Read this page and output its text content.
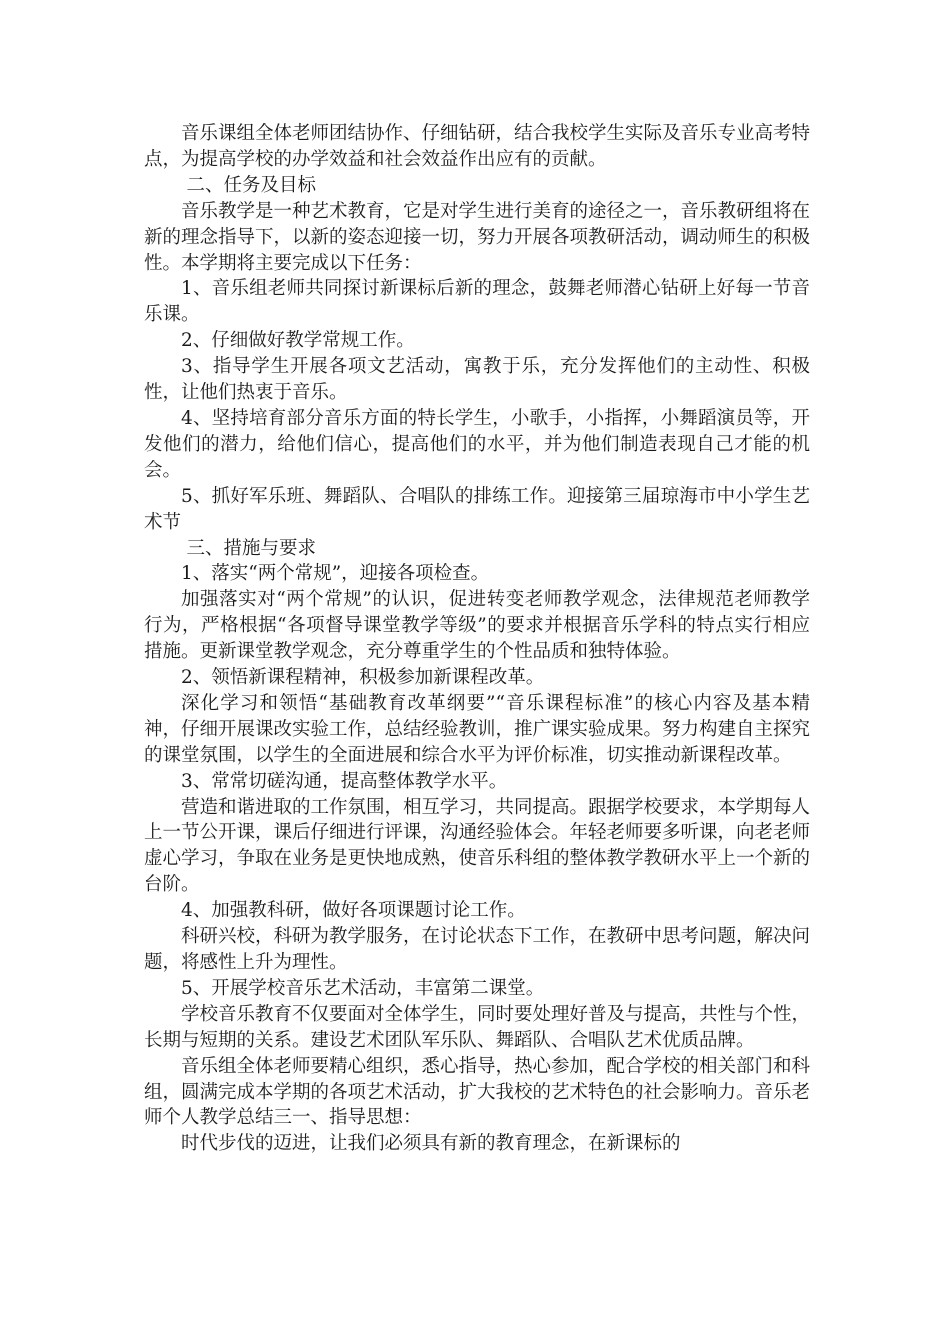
音乐课组全体老师团结协作、仔细钻研，结合我校学生实际及音乐专业高考特点，为提高学校的办学效益和社会效益作出应有的贡献。

二、任务及目标

音乐教学是一种艺术教育，它是对学生进行美育的途径之一，音乐教研组将在新的理念指导下，以新的姿态迎接一切，努力开展各项教研活动，调动师生的积极性。本学期将主要完成以下任务：

1、音乐组老师共同探讨新课标后新的理念，鼓舞老师潜心钻研上好每一节音乐课。

2、仔细做好教学常规工作。

3、指导学生开展各项文艺活动，寓教于乐，充分发挥他们的主动性、积极性，让他们热衷于音乐。

4、坚持培育部分音乐方面的特长学生，小歌手，小指挥，小舞蹈演员等，开发他们的潜力，给他们信心，提高他们的水平，并为他们制造表现自己才能的机会。

5、抓好军乐班、舞蹈队、合唱队的排练工作。迎接第三届琼海市中小学生艺术节

三、措施与要求

1、落实“两个常规”，迎接各项检查。

加强落实对“两个常规”的认识，促进转变老师教学观念，法律规范老师教学行为，严格根据“各项督导课堂教学等级”的要求并根据音乐学科的特点实行相应措施。更新课堂教学观念，充分尊重学生的个性品质和独特体验。

2、领悟新课程精神，积极参加新课程改革。

深化学习和领悟“基础教育改革纲要”“音乐课程标准”的核心内容及基本精神，仔细开展课改实验工作，总结经验教训，推广课实验成果。努力构建自主探究的课堂氛围，以学生的全面进展和综合水平为评价标准，切实推动新课程改革。

3、常常切磋沟通，提高整体教学水平。

营造和谐进取的工作氛围，相互学习，共同提高。跟据学校要求，本学期每人上一节公开课，课后仔细进行评课，沟通经验体会。年轻老师要多听课，向老老师虚心学习，争取在业务是更快地成熟，使音乐科组的整体教学教研水平上一个新的台阶。

4、加强教科研，做好各项课题讨论工作。

科研兴校，科研为教学服务，在讨论状态下工作，在教研中思考问题，解决问题，将感性上升为理性。

5、开展学校音乐艺术活动，丰富第二课堂。

学校音乐教育不仅要面对全体学生，同时要处理好普及与提高，共性与个性，长期与短期的关系。建设艺术团队军乐队、舞蹈队、合唱队艺术优质品牌。

音乐组全体老师要精心组织，悉心指导，热心参加，配合学校的相关部门和科组，圆满完成本学期的各项艺术活动，扩大我校的艺术特色的社会影响力。音乐老师个人教学总结三一、指导思想：

时代步伐的迈进，让我们必须具有新的教育理念，在新课标的
